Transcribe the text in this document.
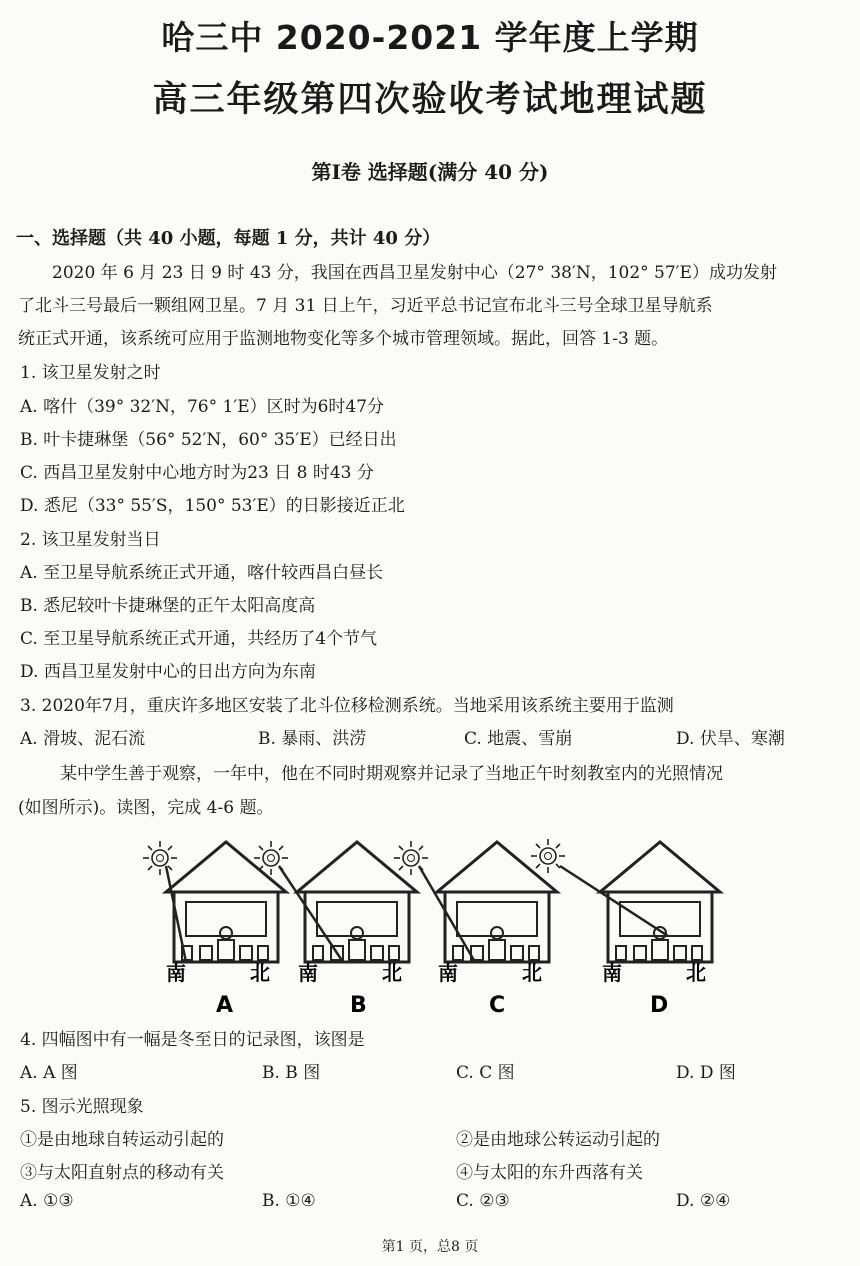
哈三中 2020-2021 学年度上学期
高三年级第四次验收考试地理试题
第Ⅰ卷 选择题(满分 40 分)
一、选择题（共 40 小题，每题 1 分，共计 40 分）
2020 年 6 月 23 日 9 时 43 分，我国在西昌卫星发射中心（27° 38′N，102° 57′E）成功发射
了北斗三号最后一颗组网卫星。7 月 31 日上午，习近平总书记宣布北斗三号全球卫星导航系
统正式开通，该系统可应用于监测地物变化等多个城市管理领域。据此，回答 1-3 题。
1. 该卫星发射之时
A. 喀什（39° 32′N，76° 1′E）区时为6时47分
B. 叶卡捷琳堡（56° 52′N，60° 35′E）已经日出
C. 西昌卫星发射中心地方时为23 日 8 时43 分
D. 悉尼（33° 55′S，150° 53′E）的日影接近正北
2. 该卫星发射当日
A. 至卫星导航系统正式开通，喀什较西昌白昼长
B. 悉尼较叶卡捷琳堡的正午太阳高度高
C. 至卫星导航系统正式开通，共经历了4个节气
D. 西昌卫星发射中心的日出方向为东南
3. 2020年7月，重庆许多地区安装了北斗位移检测系统。当地采用该系统主要用于监测
A. 滑坡、泥石流	B. 暴雨、洪涝	C. 地震、雪崩	D. 伏旱、寒潮
某中学生善于观察，一年中，他在不同时期观察并记录了当地正午时刻教室内的光照情况
(如图所示)。读图，完成 4-6 题。
南	北 南	北 南	北	南	北
A	B	C	D
4. 四幅图中有一幅是冬至日的记录图，该图是
A. A 图	B. B 图	C. C 图	D. D 图
5. 图示光照现象
①是由地球自转运动引起的	②是由地球公转运动引起的
③与太阳直射点的移动有关	④与太阳的东升西落有关
A. ①③	B. ①④	C. ②③	D. ②④
第1 页，总8 页
